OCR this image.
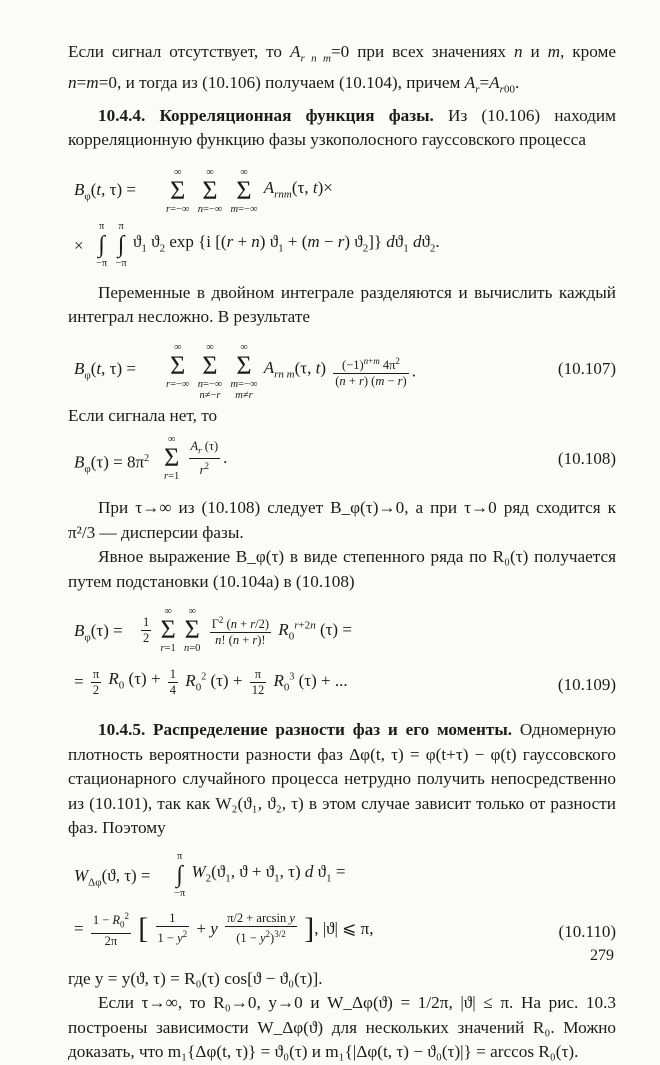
Если сигнал отсутствует, то $A_{r n m}=0$ при всех значениях n и m, кроме n=m=0, и тогда из (10.106) получаем (10.104), причем $A_r=A_{r00}$.

10.4.4. Корреляционная функция фазы. Из (10.106) находим корреляционную функцию фазы узкополосного гауссовского процесса

$B_\varphi(t$, τ) =
∞
Σ
r=−∞

∞
Σ
n=−∞

∞
Σ
m=−∞
$A_{rnm}(\tau$, t)×
×
π
∫
−π

π
∫
−π
$ϑ_1$ $ϑ_2$ exp {i [(r + n) $ϑ_1 + (m - r)$ $ϑ_2$]} $dϑ_1$ $dϑ_2$.

Переменные в двойном интеграле разделяются и вычислить каждый интеграл несложно. В результате

$B_\varphi(t$, τ) =
∞
Σ
r=−∞

∞
Σ
n=−∞
n≠−r

∞
Σ
m=−∞
m≠r
$A_{rn m}(\tau$, $t) \frac{(-1)^{n+m} 4\pi^2}{(n + r) (m - r)}$ .	(10.107)

Если сигнала нет, то

$B_\varphi(\tau) = 8\pi^2$
∞
Σ
r=1
$\frac{A_r (\tau)}{r^2}$ .	(10.108)

При τ→∞ из (10.108) следует B_φ(τ)→0, а при τ→0 ряд сходится к π²/3 — дисперсии фазы.

Явное выражение B_φ(τ) в виде степенного ряда по R₀(τ) получается путем подстановки (10.104а) в (10.108)

$B_\varphi(\tau) = \frac{1}{2}$

∞
Σ
r=1

∞
Σ
n=0

$\frac{\Gamma^2 (n + r/2)}{n! (n + r)!} R_0^{r+2n}$ (τ) =
= $\frac{\pi}{2} R_0$ $(\tau) + \frac{1}{4} R_0^2$ $(\tau) + \frac{\pi}{12} R_0^3$ (τ) + ...	(10.109)

10.4.5. Распределение разности фаз и его моменты. Одномерную плотность вероятности разности фаз Δφ(t, τ) = φ(t+τ) − φ(t) гауссовского стационарного случайного процесса нетрудно получить непосредственно из (10.101), так как W₂(ϑ₁, ϑ₂, τ) в этом случае зависит только от разности фаз. Поэтому

$W_{\Delta\varphi}(ϑ$, τ) =
π
∫
−π
$W_2(ϑ_1$, $ϑ + ϑ_1$, τ) d $ϑ_1$ =
= $\frac{1 - R_0^2}{2\pi}$ [ $\frac{1}{1 - y^2} + y \frac{\text{π/2 + arcsin y}}{(1 - y^2)^{3/2}}$ ], |ϑ| ⩽ π,	(10.110)

где y = y(ϑ, τ) = R₀(τ) cos[ϑ − ϑ₀(τ)].

Если τ→∞, то R₀→0, y→0 и W_Δφ(ϑ) = 1/2π, |ϑ| ≤ π. На рис. 10.3 построены зависимости W_Δφ(ϑ) для нескольких значений R₀. Можно доказать, что m₁{Δφ(t, τ)} = ϑ₀(τ) и m₁{|Δφ(t, τ) − ϑ₀(τ)|} = arccos R₀(τ).

279
